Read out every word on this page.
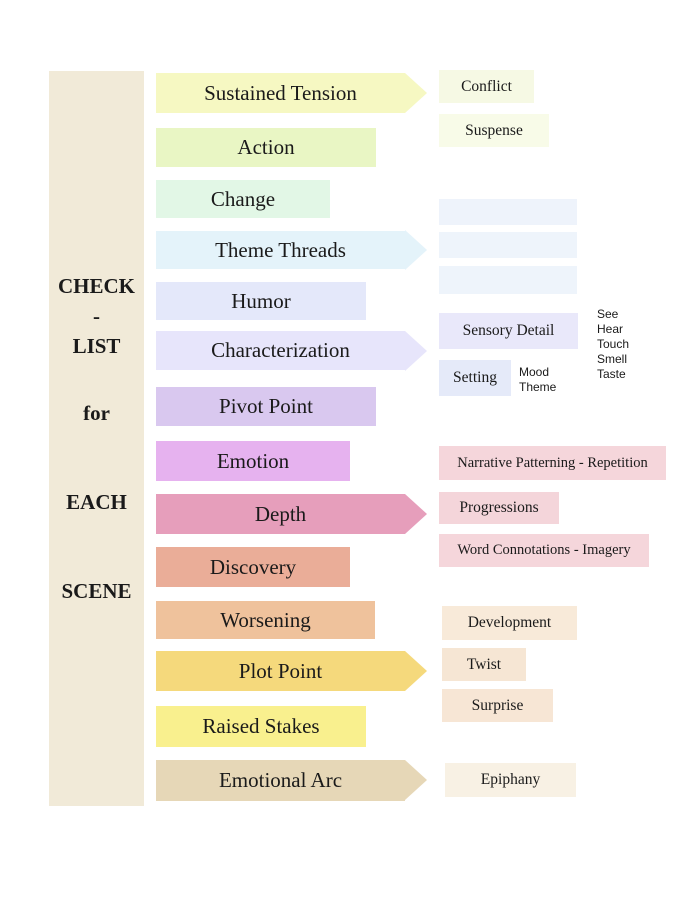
CHECK
-
LIST
for
EACH
SCENE
Sustained Tension
Action
Change
Theme Threads
Humor
Characterization
Pivot Point
Emotion
Depth
Discovery
Worsening
Plot Point
Raised Stakes
Emotional Arc
Conflict
Suspense
Sensory Detail
Setting	Mood
Theme
See
Hear
Touch
Smell
Taste
Narrative Patterning - Repetition
Progressions
Word Connotations - Imagery
Development
Twist
Surprise
Epiphany
